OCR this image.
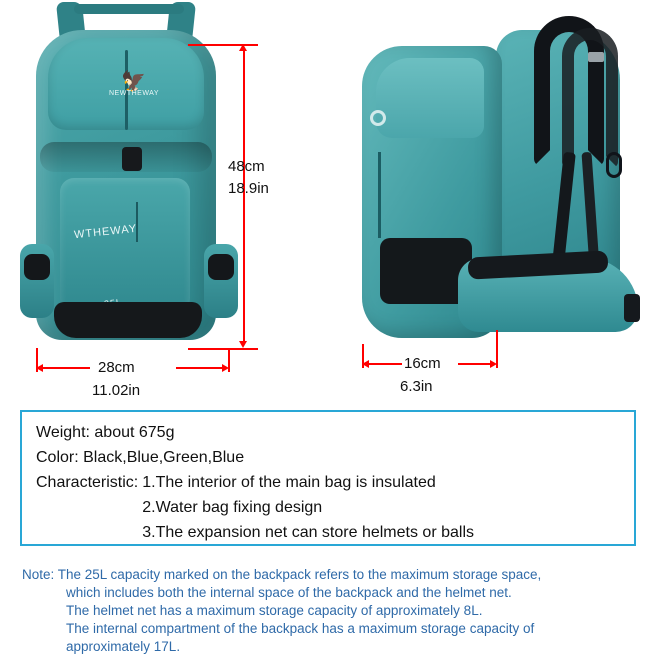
🦅
NEWTHEWAY
WTHEWAY
48cm
18.9in
28cm
11.02in
16cm
6.3in
Weight: about 675g
Color: Black,Blue,Green,Blue
Characteristic: 1.The interior of the main bag is insulated
2.Water bag fixing design
3.The expansion net can store helmets or balls
Note: The 25L capacity marked on the backpack refers to the maximum storage space,
which includes both the internal space of the backpack and the helmet net.
The helmet net has a maximum storage capacity of approximately 8L.
The internal compartment of the backpack has a maximum storage capacity of
approximately 17L.
